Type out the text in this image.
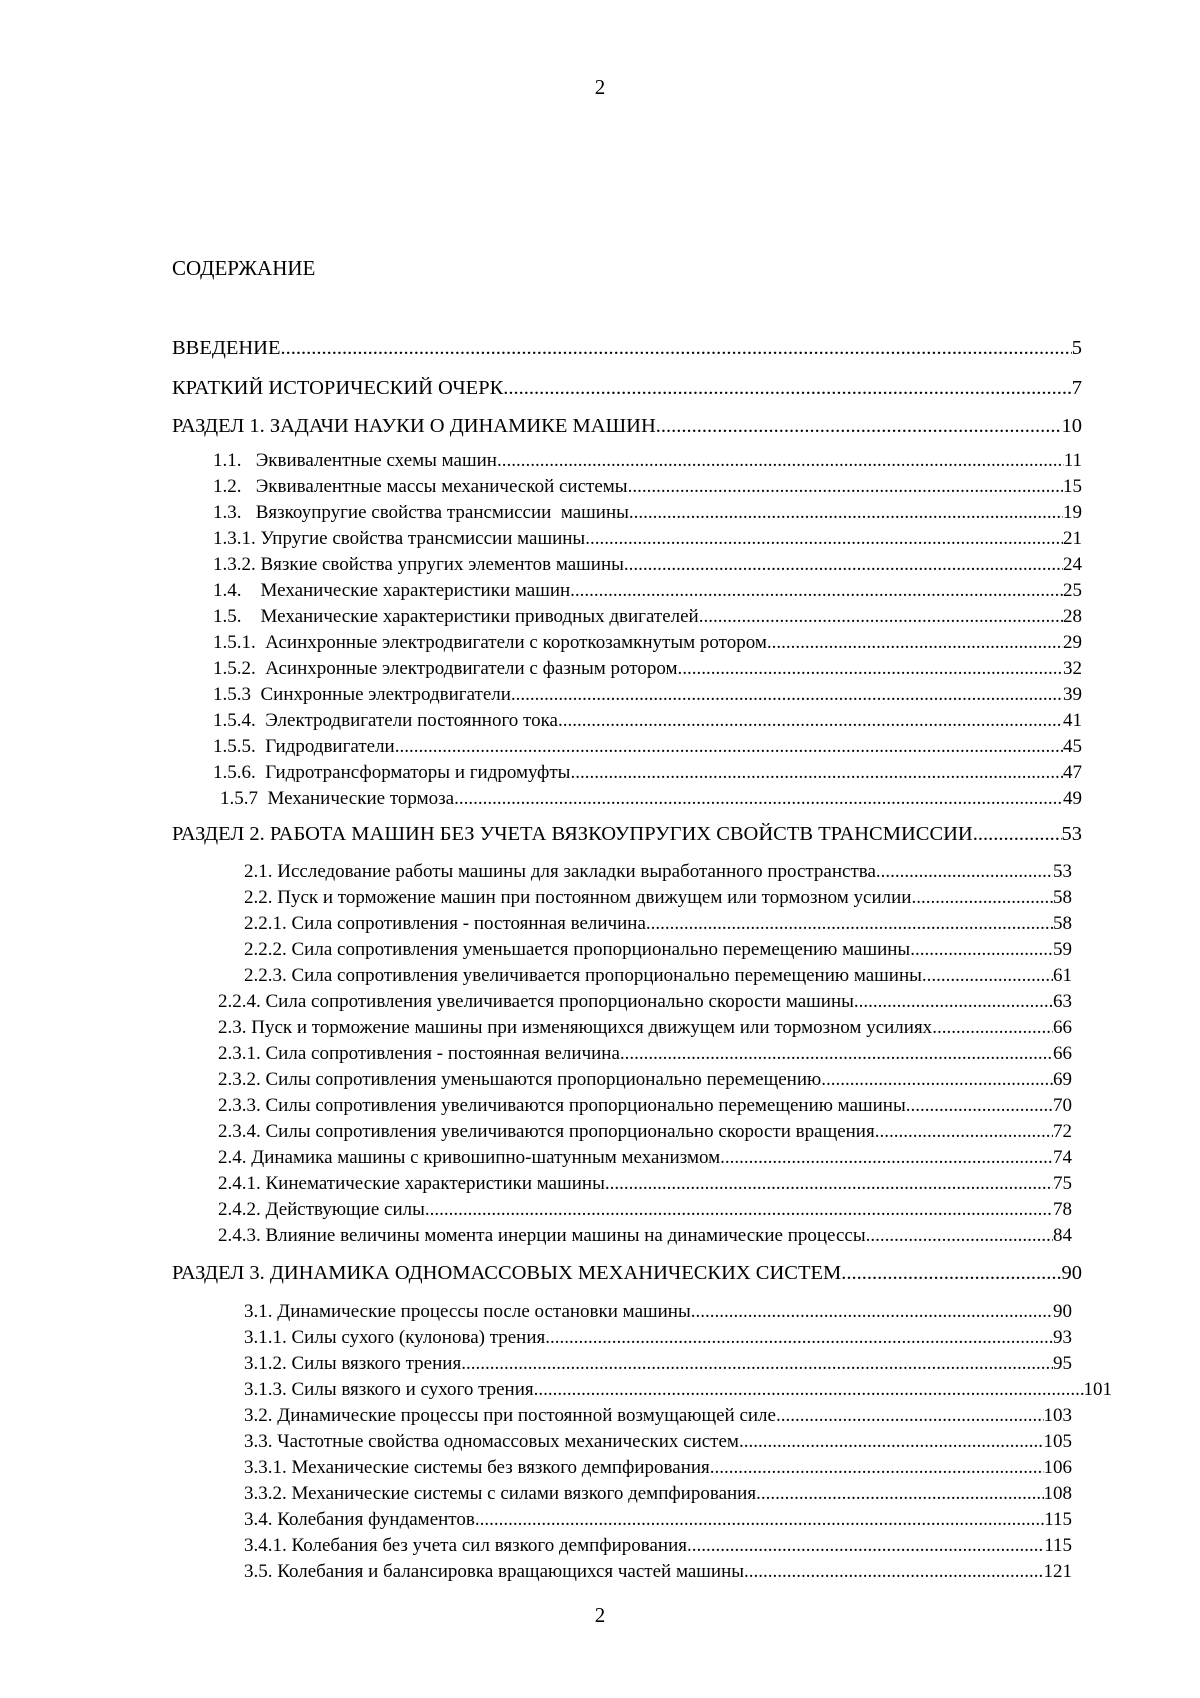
2
СОДЕРЖАНИЕ
ВВЕДЕНИЕ .....	5
КРАТКИЙ ИСТОРИЧЕСКИЙ ОЧЕРК .....	7
РАЗДЕЛ 1. ЗАДАЧИ НАУКИ О ДИНАМИКЕ МАШИН .....	10
1.1.   Эквивалентные схемы машин .....	11
1.2.   Эквивалентные массы механической системы .....	15
1.3.   Вязкоупругие свойства трансмиссии  машины .....	19
1.3.1. Упругие свойства трансмиссии машины .....	21
1.3.2. Вязкие свойства упругих элементов машины .....	24
1.4.    Механические характеристики машин .....	25
1.5.    Механические характеристики приводных двигателей .....	28
1.5.1.  Асинхронные электродвигатели с короткозамкнутым ротором .....	29
1.5.2.  Асинхронные электродвигатели с фазным ротором .....	32
1.5.3  Синхронные электродвигатели .....	39
1.5.4.  Электродвигатели постоянного тока .....	41
1.5.5.  Гидродвигатели .....	45
1.5.6.  Гидротрансформаторы и гидромуфты .....	47
1.5.7  Механические тормоза .....	49
РАЗДЕЛ 2. РАБОТА МАШИН БЕЗ УЧЕТА ВЯЗКОУПРУГИХ СВОЙСТВ ТРАНСМИССИИ .....	53
2.1. Исследование работы машины для закладки выработанного пространства .....	53
2.2. Пуск и торможение машин при постоянном движущем или тормозном усилии .....	58
2.2.1. Сила сопротивления - постоянная величина .....	58
2.2.2. Сила сопротивления уменьшается пропорционально перемещению машины .....	59
2.2.3. Сила сопротивления увеличивается пропорционально перемещению машины .....	61
2.2.4. Сила сопротивления увеличивается пропорционально скорости машины .....	63
2.3. Пуск и торможение машины при изменяющихся движущем или тормозном усилиях .....	66
2.3.1. Сила сопротивления - постоянная величина .....	66
2.3.2. Силы сопротивления уменьшаются пропорционально перемещению .....	69
2.3.3. Силы сопротивления увеличиваются пропорционально перемещению машины .....	70
2.3.4. Силы сопротивления увеличиваются пропорционально скорости вращения .....	72
2.4. Динамика машины с кривошипно-шатунным механизмом .....	74
2.4.1. Кинематические характеристики машины .....	75
2.4.2. Действующие силы .....	78
2.4.3. Влияние величины момента инерции машины на динамические процессы .....	84
РАЗДЕЛ 3. ДИНАМИКА ОДНОМАССОВЫХ МЕХАНИЧЕСКИХ СИСТЕМ .....	90
3.1. Динамические процессы после остановки машины .....	90
3.1.1. Силы сухого (кулонова) трения .....	93
3.1.2. Силы вязкого трения .....	95
3.1.3. Силы вязкого и сухого трения .....	101
3.2. Динамические процессы при постоянной возмущающей силе .....	103
3.3. Частотные свойства одномассовых механических систем .....	105
3.3.1. Механические системы без вязкого демпфирования .....	106
3.3.2. Механические системы с силами вязкого демпфирования .....	108
3.4. Колебания фундаментов .....	115
3.4.1. Колебания без учета сил вязкого демпфирования .....	115
3.5. Колебания и балансировка вращающихся частей машины .....	121
2
